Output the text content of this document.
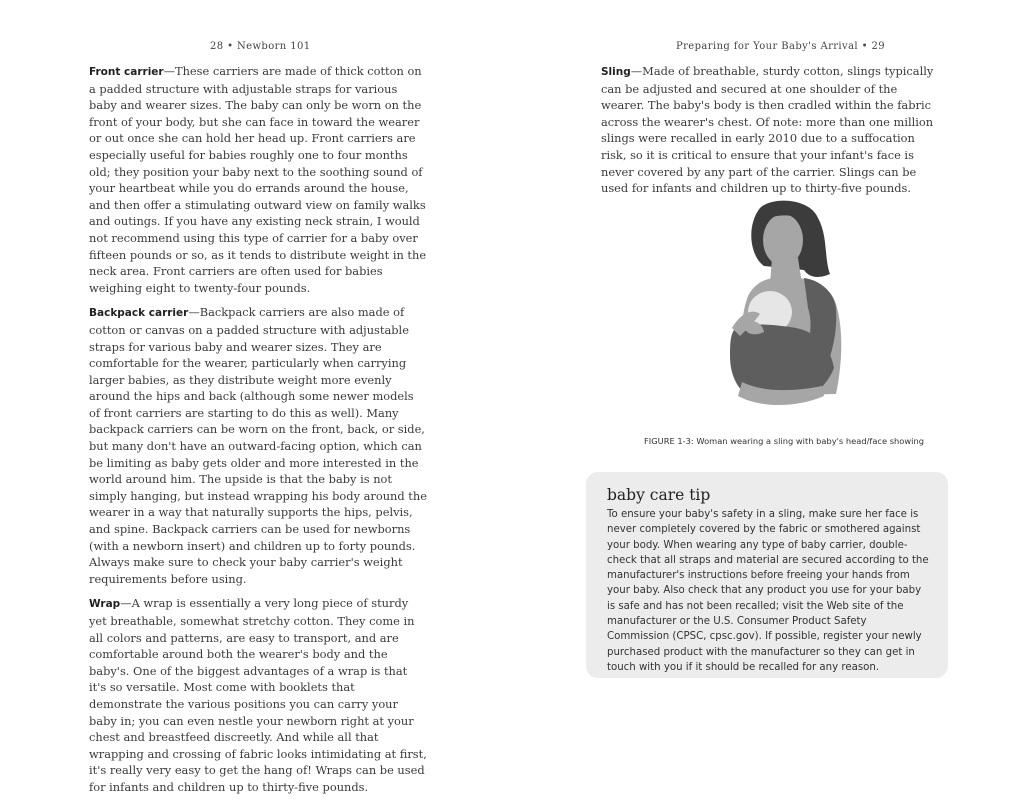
28 • Newborn 101

Front carrier—These carriers are made of thick cotton on a padded structure with adjustable straps for various baby and wearer sizes. The baby can only be worn on the front of your body, but she can face in toward the wearer or out once she can hold her head up. Front carriers are especially useful for babies roughly one to four months old; they position your baby next to the soothing sound of your heartbeat while you do errands around the house, and then offer a stimulating outward view on family walks and outings. If you have any existing neck strain, I would not recommend using this type of carrier for a baby over fifteen pounds or so, as it tends to distribute weight in the neck area. Front carriers are often used for babies weighing eight to twenty-four pounds.

Backpack carrier—Backpack carriers are also made of cotton or canvas on a padded structure with adjustable straps for various baby and wearer sizes. They are comfortable for the wearer, particularly when carrying larger babies, as they distribute weight more evenly around the hips and back (although some newer models of front carriers are starting to do this as well). Many backpack carriers can be worn on the front, back, or side, but many don't have an outward-facing option, which can be limiting as baby gets older and more interested in the world around him. The upside is that the baby is not simply hanging, but instead wrapping his body around the wearer in a way that naturally supports the hips, pelvis, and spine. Backpack carriers can be used for newborns (with a newborn insert) and children up to forty pounds. Always make sure to check your baby carrier's weight requirements before using.

Wrap—A wrap is essentially a very long piece of sturdy yet breathable, somewhat stretchy cotton. They come in all colors and patterns, are easy to transport, and are comfortable around both the wearer's body and the baby's. One of the biggest advantages of a wrap is that it's so versatile. Most come with booklets that demonstrate the various positions you can carry your baby in; you can even nestle your newborn right at your chest and breastfeed discreetly. And while all that wrapping and crossing of fabric looks intimidating at first, it's really very easy to get the hang of! Wraps can be used for infants and children up to thirty-five pounds.

Preparing for Your Baby's Arrival • 29

Sling—Made of breathable, sturdy cotton, slings typically can be adjusted and secured at one shoulder of the wearer. The baby's body is then cradled within the fabric across the wearer's chest. Of note: more than one million slings were recalled in early 2010 due to a suffocation risk, so it is critical to ensure that your infant's face is never covered by any part of the carrier. Slings can be used for infants and children up to thirty-five pounds.

FIGURE 1-3: Woman wearing a sling with baby's head/face showing
baby care tip

To ensure your baby's safety in a sling, make sure her face is never completely covered by the fabric or smothered against your body. When wearing any type of baby carrier, double-check that all straps and material are secured according to the manufacturer's instructions before freeing your hands from your baby. Also check that any product you use for your baby is safe and has not been recalled; visit the Web site of the manufacturer or the U.S. Consumer Product Safety Commission (CPSC, cpsc.gov). If possible, register your newly purchased product with the manufacturer so they can get in touch with you if it should be recalled for any reason.
